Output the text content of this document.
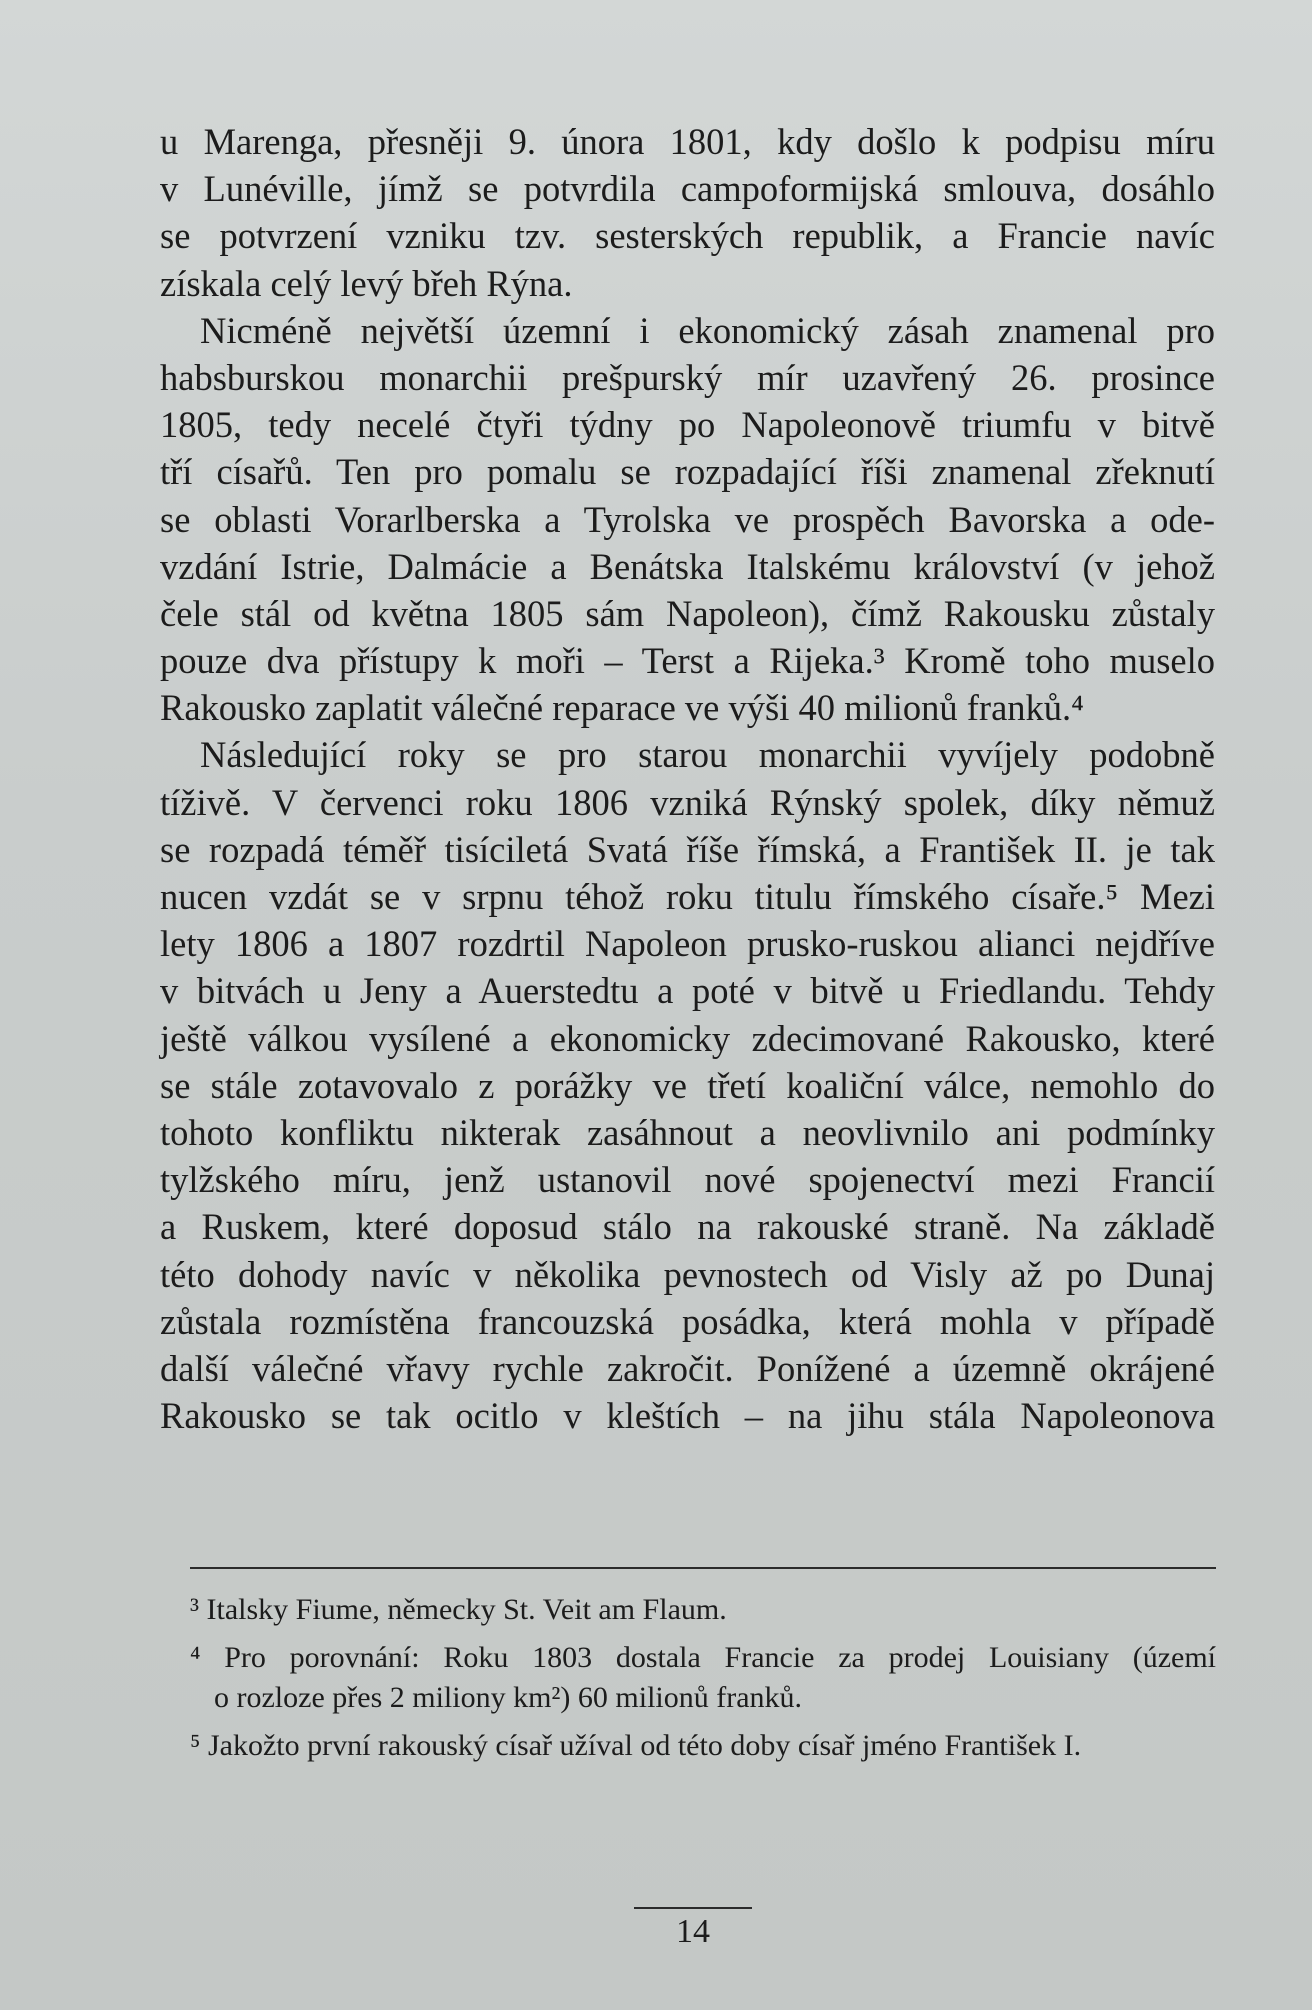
u Marenga, přesněji 9. února 1801, kdy došlo k podpisu míru
v Lunéville, jímž se potvrdila campoformijská smlouva, dosáhlo
se potvrzení vzniku tzv. sesterských republik, a Francie navíc
získala celý levý břeh Rýna.
Nicméně největší územní i ekonomický zásah znamenal pro
habsburskou monarchii prešpurský mír uzavřený 26. prosince
1805, tedy necelé čtyři týdny po Napoleonově triumfu v bitvě
tří císařů. Ten pro pomalu se rozpadající říši znamenal zřeknutí
se oblasti Vorarlberska a Tyrolska ve prospěch Bavorska a ode-
vzdání Istrie, Dalmácie a Benátska Italskému království (v jehož
čele stál od května 1805 sám Napoleon), čímž Rakousku zůstaly
pouze dva přístupy k moři – Terst a Rijeka.³ Kromě toho muselo
Rakousko zaplatit válečné reparace ve výši 40 milionů franků.⁴
Následující roky se pro starou monarchii vyvíjely podobně
tíživě. V červenci roku 1806 vzniká Rýnský spolek, díky němuž
se rozpadá téměř tisíciletá Svatá říše římská, a František II. je tak
nucen vzdát se v srpnu téhož roku titulu římského císaře.⁵ Mezi
lety 1806 a 1807 rozdrtil Napoleon prusko-ruskou alianci nejdříve
v bitvách u Jeny a Auerstedtu a poté v bitvě u Friedlandu. Tehdy
ještě válkou vysílené a ekonomicky zdecimované Rakousko, které
se stále zotavovalo z porážky ve třetí koaliční válce, nemohlo do
tohoto konfliktu nikterak zasáhnout a neovlivnilo ani podmínky
tylžského míru, jenž ustanovil nové spojenectví mezi Francií
a Ruskem, které doposud stálo na rakouské straně. Na základě
této dohody navíc v několika pevnostech od Visly až po Dunaj
zůstala rozmístěna francouzská posádka, která mohla v případě
další válečné vřavy rychle zakročit. Ponížené a územně okrájené
Rakousko se tak ocitlo v kleštích – na jihu stála Napoleonova
³ Italsky Fiume, německy St. Veit am Flaum.
⁴ Pro porovnání: Roku 1803 dostala Francie za prodej Louisiany (území
o rozloze přes 2 miliony km²) 60 milionů franků.
⁵ Jakožto první rakouský císař užíval od této doby císař jméno František I.
14
